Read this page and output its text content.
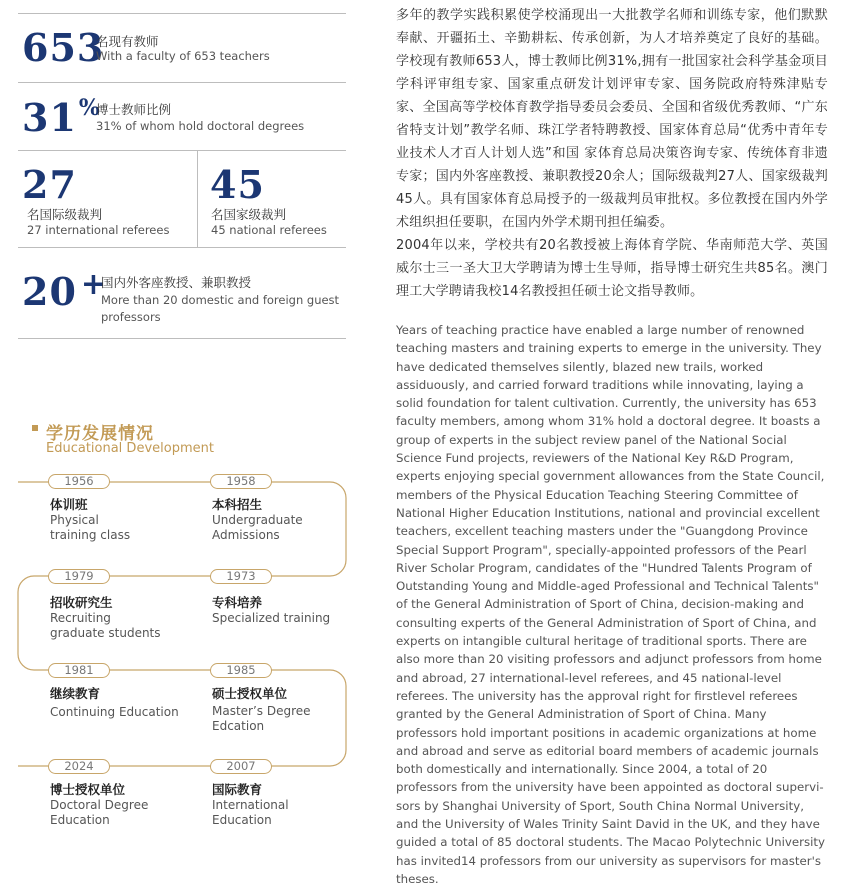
653
名现有教师
With a faculty of 653 teachers
31%
博士教师比例
31% of whom hold doctoral degrees
27
名国际级裁判
27 international referees
45
名国家级裁判
45 national referees
20 +
国内外客座教授、兼职教授
More than 20 domestic and foreign guest
professors
学历发展情况
Educational Development
1956
体训班
Physical
training class
1958
本科招生
Undergraduate
Admissions
1979
招收研究生
Recruiting
graduate students
1973
专科培养
Specialized training
1981
继续教育
Continuing Education
1985
硕士授权单位
Master’s Degree
Edcation
2024
博士授权单位
Doctoral Degree
Education
2007
国际教育
International
Education

多年的教学实践积累使学校涌现出一大批教学名师和训练专家，他们默默奉献、开疆拓土、辛勤耕耘、传承创新，为人才培养奠定了良好的基础。学校现有教师653人，博士教师比例31%,拥有一批国家社会科学基金项目学科评审组专家、国家重点研发计划评审专家、国务院政府特殊津贴专家、全国高等学校体育教学指导委员会委员、全国和省级优秀教师、“广东省特支计划”教学名师、珠江学者特聘教授、国家体育总局“优秀中青年专业技术人才百人计划人选”和国 家体育总局决策咨询专家、传统体育非遗专家；国内外客座教授、兼职教授20余人；国际级裁判27人、国家级裁判45人。具有国家体育总局授予的一级裁判员审批权。多位教授在国内外学术组织担任要职，在国内外学术期刊担任编委。

2004年以来，学校共有20名教授被上海体育学院、华南师范大学、英国威尔士三一圣大卫大学聘请为博士生导师，指导博士研究生共85名。澳门理工大学聘请我校14名教授担任硕士论文指导教师。

Years of teaching practice have enabled a large number of renowned teaching masters and training experts to emerge in the university. They have dedicated themselves silently, blazed new trails, worked assiduously, and carried forward traditions while innovating, laying a solid foundation for talent cultivation. Currently, the university has 653 faculty members, among whom 31% hold a doctoral degree. It boasts a group of experts in the subject review panel of the National Social Science Fund projects, reviewers of the National Key R&D Program, experts enjoying special government allowances from the State Council, members of the Physical Education Teaching Steering Committee of National Higher Education Institutions, national and provincial excellent teachers, excellent teaching masters under the "Guangdong Province Special Support Program", specially-appointed professors of the Pearl River Scholar Program, candidates of the "Hundred Talents Program of Outstanding Young and Middle-aged Professional and Technical Talents" of the General Administration of Sport of China, decision-making and consulting experts of the General Administration of Sport of China, and experts on intangible cultural heritage of traditional sports. There are also more than 20 visiting professors and adjunct professors from home and abroad, 27 international-level referees, and 45 national-level referees. The university has the approval right for firstlevel referees granted by the General Administration of Sport of China. Many professors hold important positions in academic organizations at home and abroad and serve as editorial board members of academic journals both domestically and internationally. Since 2004, a total of 20 professors from the university have been appointed as doctoral supervi-sors by Shanghai University of Sport, South China Normal University, and the University of Wales Trinity Saint David in the UK, and they have guided a total of 85 doctoral students. The Macao Polytechnic University has invited14 professors from our university as supervisors for master's theses.
